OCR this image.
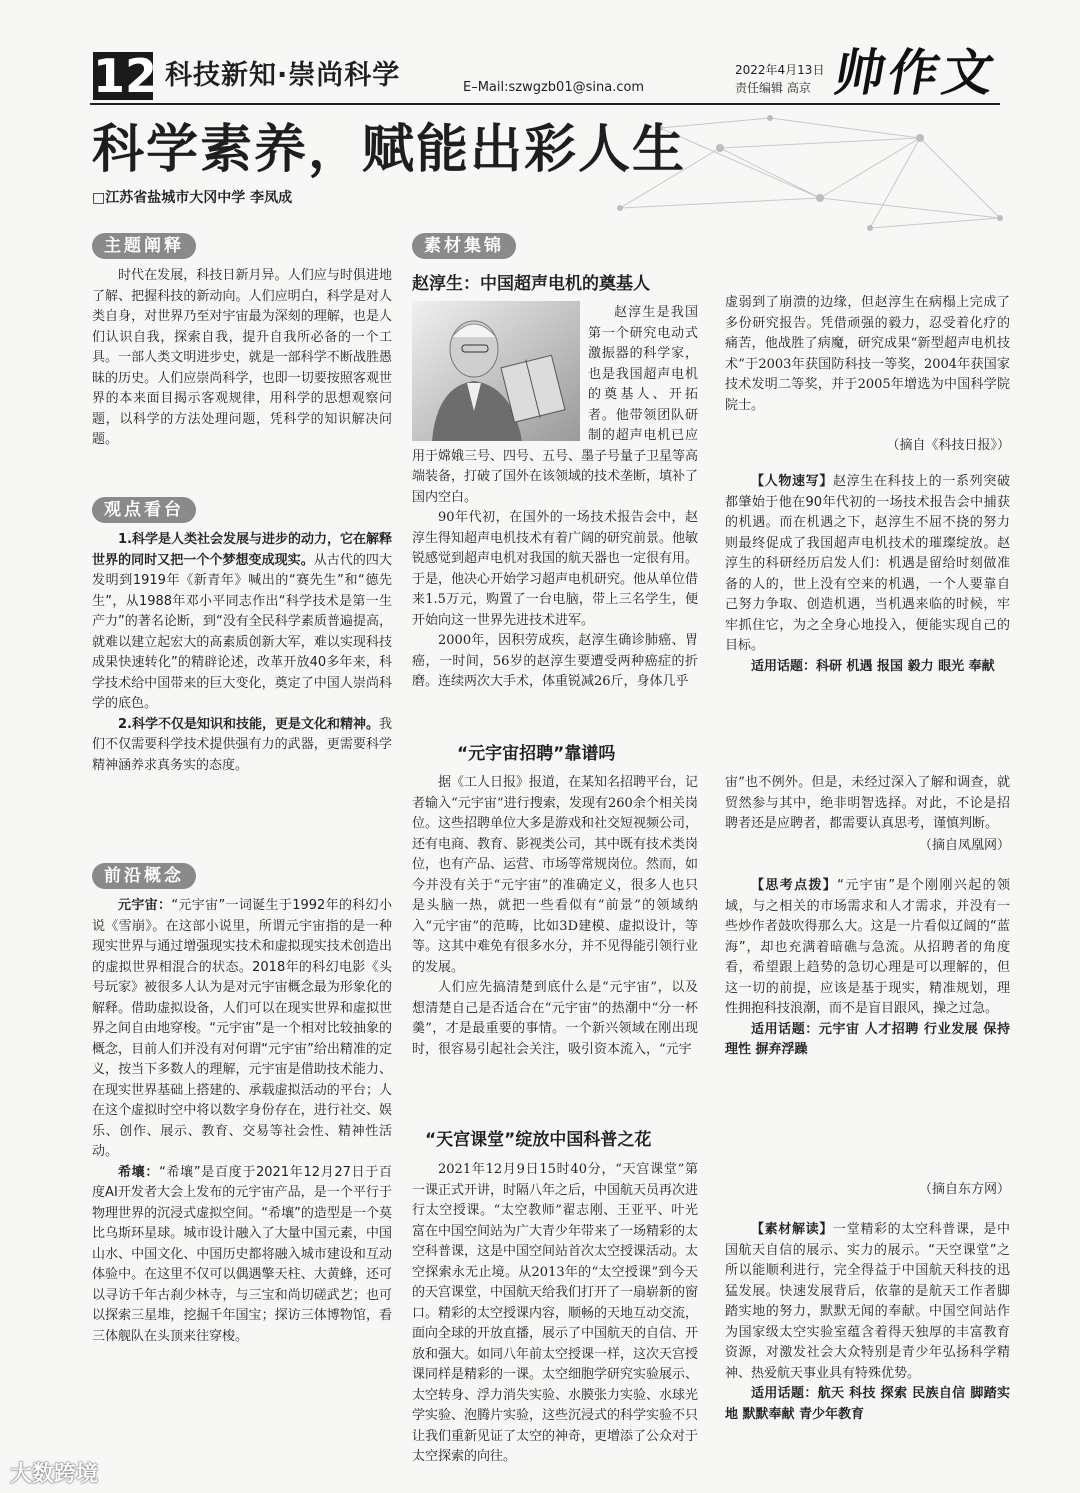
12 科技新知·崇尚科学	E–Mail:szwgzb01@sina.com
2022年4月13日
责任编辑 高京 帅作文
科学素养，赋能出彩人生
□江苏省盐城市大冈中学 李凤成
主题阐释

时代在发展，科技日新月异。人们应与时俱进地了解、把握科技的新动向。人们应明白，科学是对人类自身，对世界乃至对宇宙最为深刻的理解，也是人们认识自我，探索自我，提升自我所必备的一个工具。一部人类文明进步史，就是一部科学不断战胜愚昧的历史。人们应崇尚科学，也即一切要按照客观世界的本来面目揭示客观规律，用科学的思想观察问题，以科学的方法处理问题，凭科学的知识解决问题。

观点看台

1.科学是人类社会发展与进步的动力，它在解释世界的同时又把一个个梦想变成现实。从古代的四大发明到1919年《新青年》喊出的“赛先生”和“德先生”，从1988年邓小平同志作出“科学技术是第一生产力”的著名论断，到“没有全民科学素质普遍提高，就难以建立起宏大的高素质创新大军，难以实现科技成果快速转化”的精辟论述，改革开放40多年来，科学技术给中国带来的巨大变化，奠定了中国人崇尚科学的底色。

2.科学不仅是知识和技能，更是文化和精神。我们不仅需要科学技术提供强有力的武器，更需要科学精神涵养求真务实的态度。

前沿概念

元宇宙：“元宇宙”一词诞生于1992年的科幻小说《雪崩》。在这部小说里，所谓元宇宙指的是一种现实世界与通过增强现实技术和虚拟现实技术创造出的虚拟世界相混合的状态。2018年的科幻电影《头号玩家》被很多人认为是对元宇宙概念最为形象化的解释。借助虚拟设备，人们可以在现实世界和虚拟世界之间自由地穿梭。“元宇宙”是一个相对比较抽象的概念，目前人们并没有对何谓“元宇宙”给出精准的定义，按当下多数人的理解，元宇宙是借助技术能力、在现实世界基础上搭建的、承载虚拟活动的平台；人在这个虚拟时空中将以数字身份存在，进行社交、娱乐、创作、展示、教育、交易等社会性、精神性活动。

希壤：“希壤”是百度于2021年12月27日于百度AI开发者大会上发布的元宇宙产品，是一个平行于物理世界的沉浸式虚拟空间。“希壤”的造型是一个莫比乌斯环星球。城市设计融入了大量中国元素，中国山水、中国文化、中国历史都将融入城市建设和互动体验中。在这里不仅可以偶遇擎天柱、大黄蜂，还可以寻访千年古刹少林寺，与三宝和尚切磋武艺；也可以探索三星堆，挖掘千年国宝；探访三体博物馆，看三体舰队在头顶来往穿梭。

素材集锦
赵淳生：中国超声电机的奠基人

赵淳生是我国第一个研究电动式激振器的科学家，也是我国超声电机的奠基人、开拓者。他带领团队研制的超声电机已应用于嫦娥三号、四号、五号、墨子号量子卫星等高端装备，打破了国外在该领域的技术垄断，填补了国内空白。

90年代初，在国外的一场技术报告会中，赵淳生得知超声电机技术有着广阔的研究前景。他敏锐感觉到超声电机对我国的航天器也一定很有用。于是，他决心开始学习超声电机研究。他从单位借来1.5万元，购置了一台电脑，带上三名学生，便开始向这一世界先进技术进军。

2000年，因积劳成疾，赵淳生确诊肺癌、胃癌，一时间，56岁的赵淳生要遭受两种癌症的折磨。连续两次大手术，体重锐减26斤，身体几乎

（摘自《科技日报》）

【人物速写】赵淳生在科技上的一系列突破都肇始于他在90年代初的一场技术报告会中捕获的机遇。而在机遇之下，赵淳生不屈不挠的努力则最终促成了我国超声电机技术的璀璨绽放。赵淳生的科研经历启发人们：机遇是留给时刻做准备的人的，世上没有空来的机遇，一个人要靠自己努力争取、创造机遇，当机遇来临的时候，牢牢抓住它，为之全身心地投入，便能实现自己的目标。

适用话题：科研 机遇 报国 毅力 眼光 奉献

“元宇宙招聘”靠谱吗

据《工人日报》报道，在某知名招聘平台，记者输入“元宇宙”进行搜索，发现有260余个相关岗位。这些招聘单位大多是游戏和社交短视频公司，还有电商、教育、影视类公司，其中既有技术类岗位，也有产品、运营、市场等常规岗位。然而，如今并没有关于“元宇宙”的准确定义，很多人也只是头脑一热，就把一些看似有“前景”的领域纳入“元宇宙”的范畴，比如3D建模、虚拟设计，等等。这其中难免有很多水分，并不见得能引领行业的发展。

人们应先搞清楚到底什么是“元宇宙”，以及想清楚自己是否适合在“元宇宙”的热潮中“分一杯羹”，才是最重要的事情。一个新兴领域在刚出现时，很容易引起社会关注，吸引资本流入，“元宇

（摘自凤凰网）

【思考点拨】“元宇宙”是个刚刚兴起的领域，与之相关的市场需求和人才需求，并没有一些炒作者鼓吹得那么大。这是一片看似辽阔的“蓝海”，却也充满着暗礁与急流。从招聘者的角度看，希望跟上趋势的急切心理是可以理解的，但这一切的前提，应该是基于现实，精准规划，理性拥抱科技浪潮，而不是盲目跟风，操之过急。

适用话题：元宇宙 人才招聘 行业发展 保持理性 摒弃浮躁

“天宫课堂”绽放中国科普之花

2021年12月9日15时40分，“天宫课堂”第一课正式开讲，时隔八年之后，中国航天员再次进行太空授课。“太空教师”翟志刚、王亚平、叶光富在中国空间站为广大青少年带来了一场精彩的太空科普课，这是中国空间站首次太空授课活动。太空探索永无止境。从2013年的“太空授课”到今天的天宫课堂，中国航天给我们打开了一扇崭新的窗口。精彩的太空授课内容，顺畅的天地互动交流，面向全球的开放直播，展示了中国航天的自信、开放和强大。如同八年前太空授课一样，这次天宫授课同样是精彩的一课。太空细胞学研究实验展示、太空转身、浮力消失实验、水膜张力实验、水球光学实验、泡腾片实验，这些沉浸式的科学实验不只让我们重新见证了太空的神奇，更增添了公众对于太空探索的向往。

（摘自东方网）

【素材解读】一堂精彩的太空科普课，是中国航天自信的展示、实力的展示。“天空课堂”之所以能顺利进行，完全得益于中国航天科技的迅猛发展。快速发展背后，依靠的是航天工作者脚踏实地的努力，默默无闻的奉献。中国空间站作为国家级太空实验室蕴含着得天独厚的丰富教育资源，对激发社会大众特别是青少年弘扬科学精神、热爱航天事业具有特殊优势。

适用话题：航天 科技 探索 民族自信 脚踏实地 默默奉献 青少年教育

大数跨境

虚弱到了崩溃的边缘，但赵淳生在病榻上完成了多份研究报告。凭借顽强的毅力，忍受着化疗的痛苦，他战胜了病魔，研究成果“新型超声电机技术”于2003年获国防科技一等奖，2004年获国家技术发明二等奖，并于2005年增选为中国科学院院士。

宙”也不例外。但是，未经过深入了解和调查，就贸然参与其中，绝非明智选择。对此，不论是招聘者还是应聘者，都需要认真思考，谨慎判断。
